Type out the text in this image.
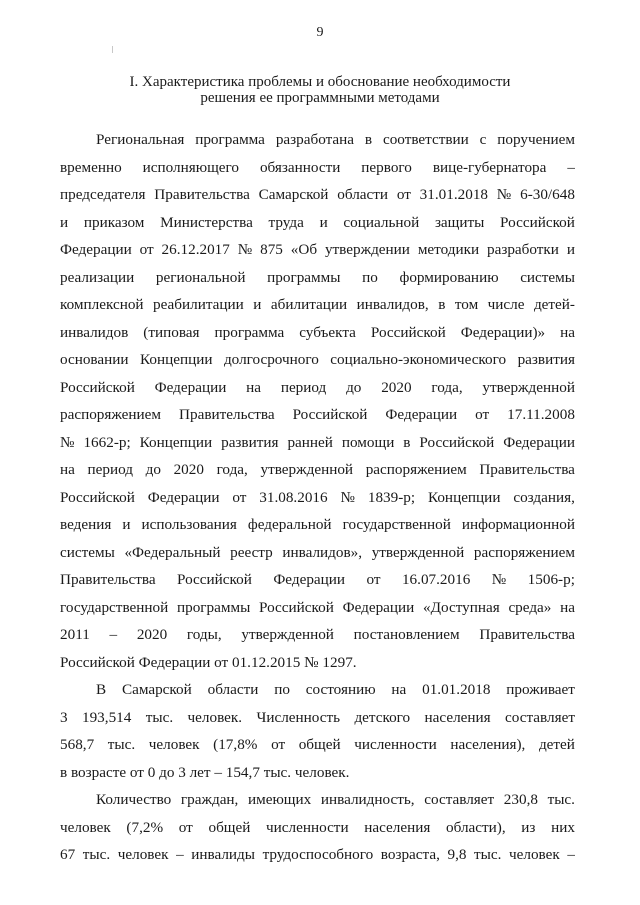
9
I. Характеристика проблемы и обоснование необходимости
решения ее программными методами
Региональная программа разработана в соответствии с поручением
временно исполняющего обязанности первого вице-губернатора –
председателя Правительства Самарской области от 31.01.2018 № 6-30/648
и приказом Министерства труда и социальной защиты Российской
Федерации от 26.12.2017 № 875 «Об утверждении методики разработки и
реализации региональной программы по формированию системы
комплексной реабилитации и абилитации инвалидов, в том числе детей-
инвалидов (типовая программа субъекта Российской Федерации)» на
основании Концепции долгосрочного социально-экономического развития
Российской Федерации на период до 2020 года, утвержденной
распоряжением Правительства Российской Федерации от 17.11.2008
№ 1662-р; Концепции развития ранней помощи в Российской Федерации
на период до 2020 года, утвержденной распоряжением Правительства
Российской Федерации от 31.08.2016 № 1839-р; Концепции создания,
ведения и использования федеральной государственной информационной
системы «Федеральный реестр инвалидов», утвержденной распоряжением
Правительства Российской Федерации от 16.07.2016 № 1506-р;
государственной программы Российской Федерации «Доступная среда» на
2011 – 2020 годы, утвержденной постановлением Правительства
Российской Федерации от 01.12.2015 № 1297.
В Самарской области по состоянию на 01.01.2018 проживает
3 193,514 тыс. человек. Численность детского населения составляет
568,7 тыс. человек (17,8% от общей численности населения), детей
в возрасте от 0 до 3 лет – 154,7 тыс. человек.
Количество граждан, имеющих инвалидность, составляет 230,8 тыс.
человек (7,2% от общей численности населения области), из них
67 тыс. человек – инвалиды трудоспособного возраста, 9,8 тыс. человек –
